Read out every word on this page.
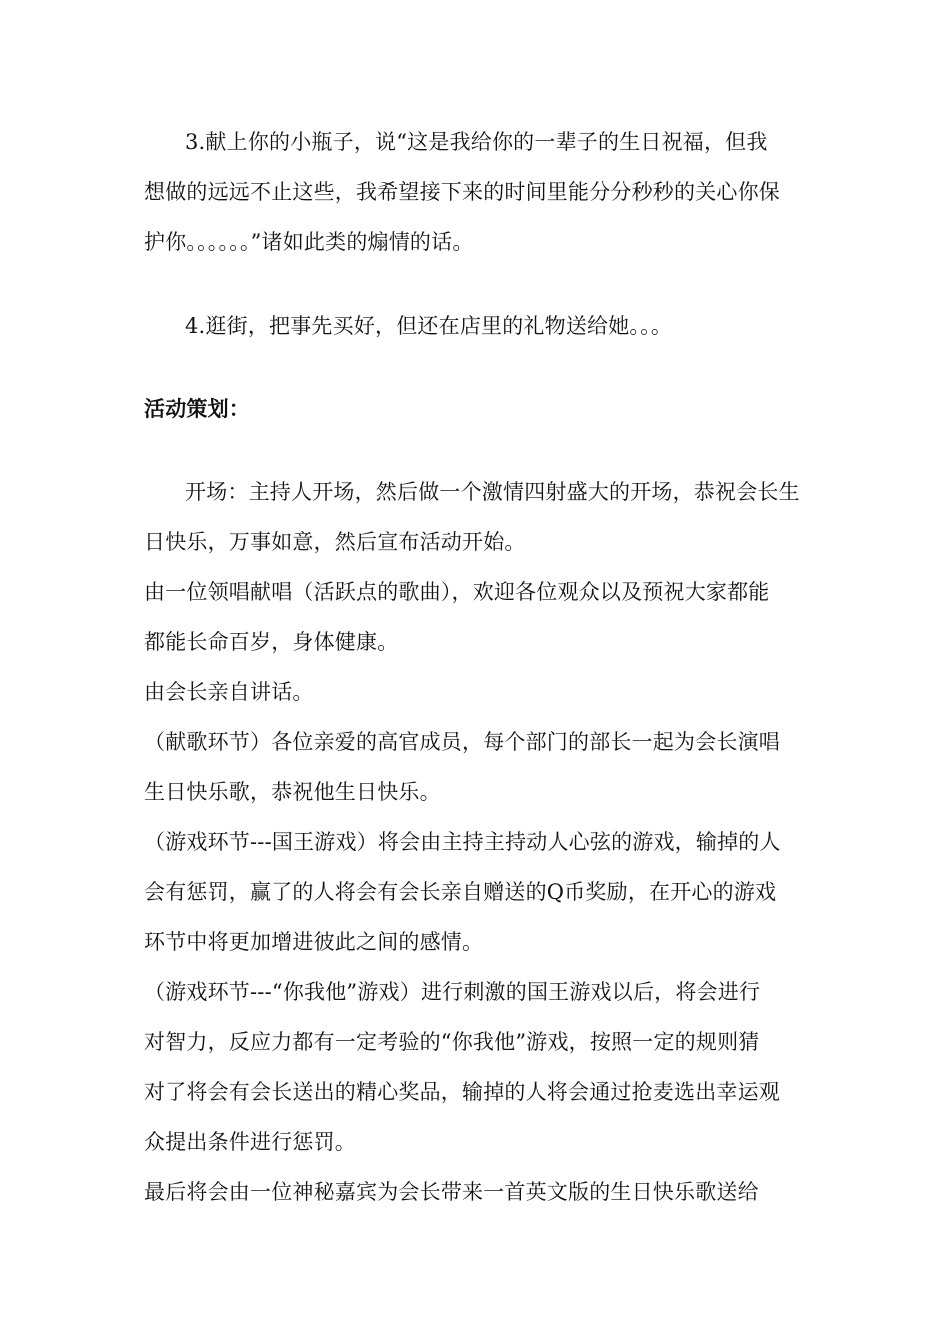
3.献上你的小瓶子，说“这是我给你的一辈子的生日祝福，但我
想做的远远不止这些，我希望接下来的时间里能分分秒秒的关心你保
护你。。。。。。”诸如此类的煽情的话。
4.逛街，把事先买好，但还在店里的礼物送给她。。。
活动策划：
开场：主持人开场，然后做一个激情四射盛大的开场，恭祝会长生
日快乐，万事如意，然后宣布活动开始。
由一位领唱献唱（活跃点的歌曲），欢迎各位观众以及预祝大家都能
都能长命百岁，身体健康。
由会长亲自讲话。
（献歌环节）各位亲爱的高官成员，每个部门的部长一起为会长演唱
生日快乐歌，恭祝他生日快乐。
（游戏环节---国王游戏）将会由主持主持动人心弦的游戏，输掉的人
会有惩罚，赢了的人将会有会长亲自赠送的Q币奖励，在开心的游戏
环节中将更加增进彼此之间的感情。
（游戏环节---“你我他”游戏）进行刺激的国王游戏以后，将会进行
对智力，反应力都有一定考验的“你我他”游戏，按照一定的规则猜
对了将会有会长送出的精心奖品，输掉的人将会通过抢麦选出幸运观
众提出条件进行惩罚。
最后将会由一位神秘嘉宾为会长带来一首英文版的生日快乐歌送给
